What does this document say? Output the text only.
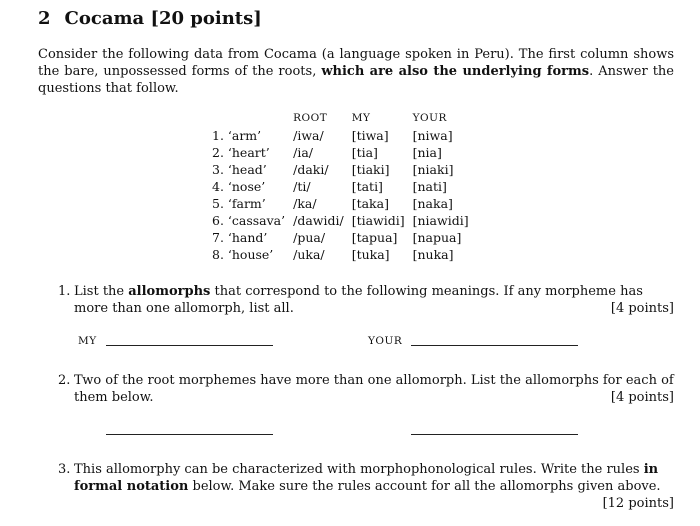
2 Cocama [20 points]
Consider the following data from Cocama (a language spoken in Peru). The first column shows the bare, unpossessed forms of the roots, which are also the underlying forms. Answer the questions that follow.
	ROOT	MY	YOUR
1. ‘arm’	/iwa/	[tiwa]	[niwa]
2. ‘heart’	/ia/	[tia]	[nia]
3. ‘head’	/daki/	[tiaki]	[niaki]
4. ‘nose’	/ti/	[tati]	[nati]
5. ‘farm’	/ka/	[taka]	[naka]
6. ‘cassava’	/dawidi/	[tiawidi]	[niawidi]
7. ‘hand’	/pua/	[tapua]	[napua]
8. ‘house’	/uka/	[tuka]	[nuka]
1. List the allomorphs that correspond to the following meanings. If any morpheme has more than one allomorph, list all.	[4 points]
MY	YOUR
2. Two of the root morphemes have more than one allomorph. List the allomorphs for each of them below.	[4 points]
3. This allomorphy can be characterized with morphophonological rules. Write the rules in formal notation below. Make sure the rules account for all the allomorphs given above.
[12 points]
